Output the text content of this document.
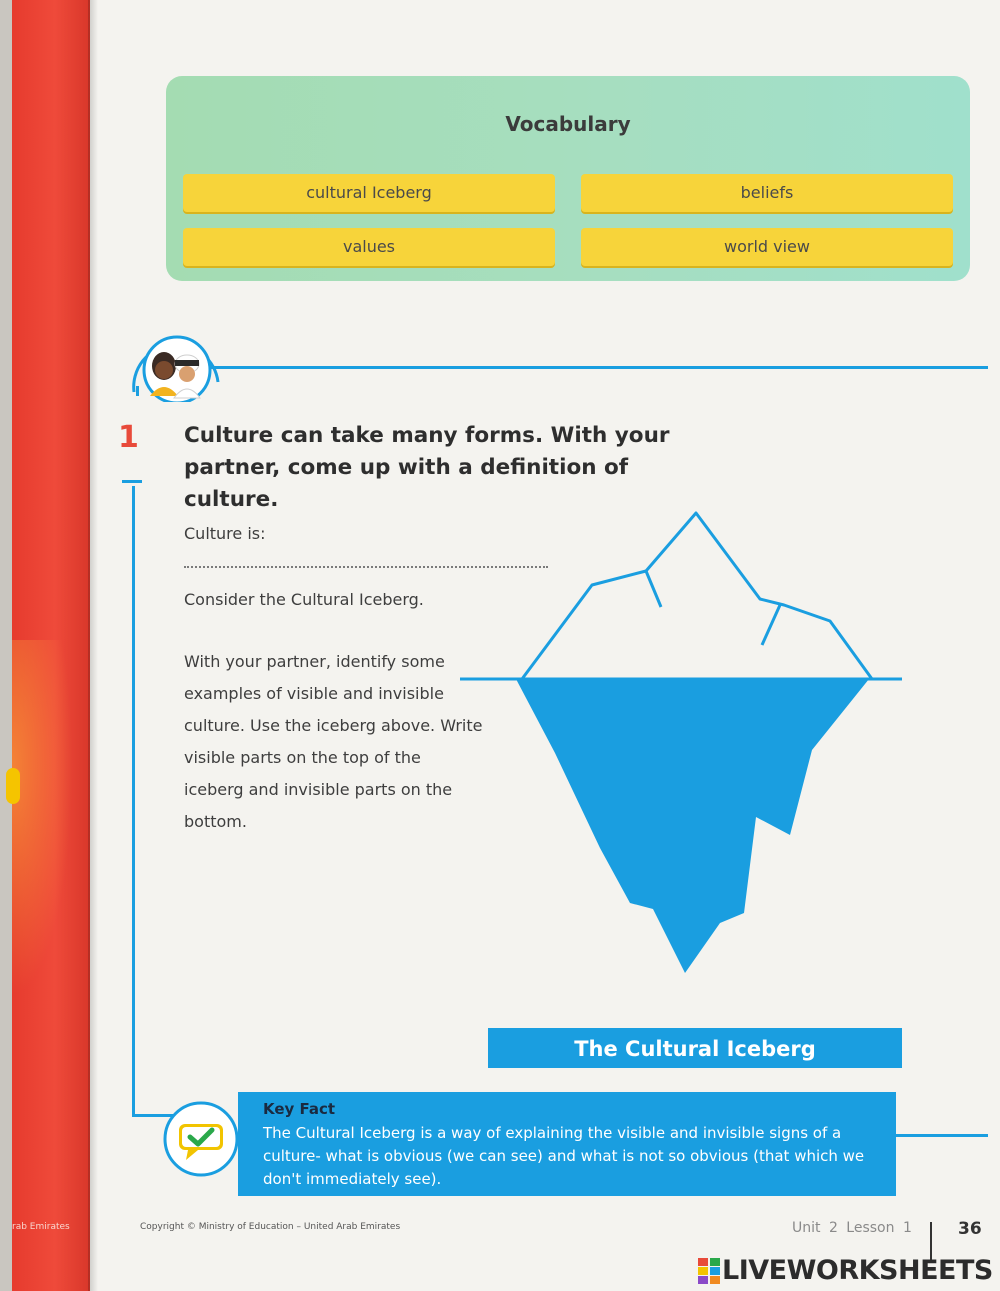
rab Emirates
Vocabulary
cultural Iceberg	beliefs
values	world view
1 Culture can take many forms. With your partner, come up with a definition of culture.
Culture is:
Consider the Cultural Iceberg.
With your partner, identify some examples of visible and invisible culture. Use the iceberg above. Write visible parts on the top of the iceberg and invisible parts on the bottom.
The Cultural Iceberg
Key Fact
The Cultural Iceberg is a way of explaining the visible and invisible signs of a culture- what is obvious (we can see) and what is not so obvious (that which we don't immediately see).
Copyright © Ministry of Education – United Arab Emirates	Unit 2 Lesson 1	36
LIVEWORKSHEETS
